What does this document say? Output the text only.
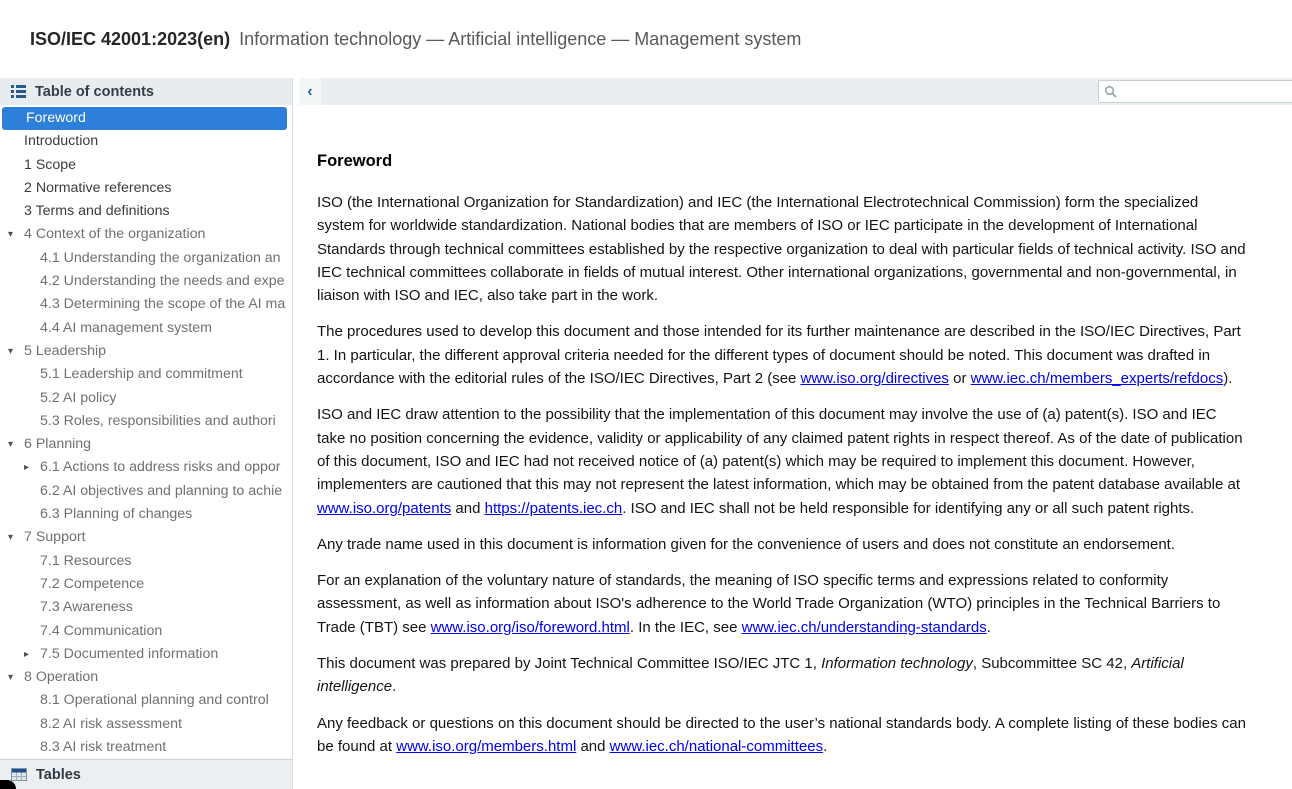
ISO/IEC 42001:2023(en) Information technology — Artificial intelligence — Management system
Table of contents
Foreword
Introduction
1 Scope
2 Normative references
3 Terms and definitions
▾ 4 Context of the organization
4.1 Understanding the organization an
4.2 Understanding the needs and expe
4.3 Determining the scope of the AI ma
4.4 AI management system
▾ 5 Leadership
5.1 Leadership and commitment
5.2 AI policy
5.3 Roles, responsibilities and authori
▾ 6 Planning
▸ 6.1 Actions to address risks and oppor
6.2 AI objectives and planning to achie
6.3 Planning of changes
▾ 7 Support
7.1 Resources
7.2 Competence
7.3 Awareness
7.4 Communication
▸ 7.5 Documented information
▾ 8 Operation
8.1 Operational planning and control
8.2 AI risk assessment
8.3 AI risk treatment
Tables
‹
Foreword

ISO (the International Organization for Standardization) and IEC (the International Electrotechnical Commission) form the specialized system for worldwide standardization. National bodies that are members of ISO or IEC participate in the development of International Standards through technical committees established by the respective organization to deal with particular fields of technical activity. ISO and IEC technical committees collaborate in fields of mutual interest. Other international organizations, governmental and non-governmental, in liaison with ISO and IEC, also take part in the work.

The procedures used to develop this document and those intended for its further maintenance are described in the ISO/IEC Directives, Part 1. In particular, the different approval criteria needed for the different types of document should be noted. This document was drafted in accordance with the editorial rules of the ISO/IEC Directives, Part 2 (see www.iso.org/directives or www.iec.ch/members_experts/refdocs).

ISO and IEC draw attention to the possibility that the implementation of this document may involve the use of (a) patent(s). ISO and IEC take no position concerning the evidence, validity or applicability of any claimed patent rights in respect thereof. As of the date of publication of this document, ISO and IEC had not received notice of (a) patent(s) which may be required to implement this document. However, implementers are cautioned that this may not represent the latest information, which may be obtained from the patent database available at www.iso.org/patents and https://patents.iec.ch. ISO and IEC shall not be held responsible for identifying any or all such patent rights.

Any trade name used in this document is information given for the convenience of users and does not constitute an endorsement.

For an explanation of the voluntary nature of standards, the meaning of ISO specific terms and expressions related to conformity assessment, as well as information about ISO's adherence to the World Trade Organization (WTO) principles in the Technical Barriers to Trade (TBT) see www.iso.org/iso/foreword.html. In the IEC, see www.iec.ch/understanding-standards.

This document was prepared by Joint Technical Committee ISO/IEC JTC 1, Information technology, Subcommittee SC 42, Artificial intelligence.

Any feedback or questions on this document should be directed to the user’s national standards body. A complete listing of these bodies can be found at www.iso.org/members.html and www.iec.ch/national-committees.
